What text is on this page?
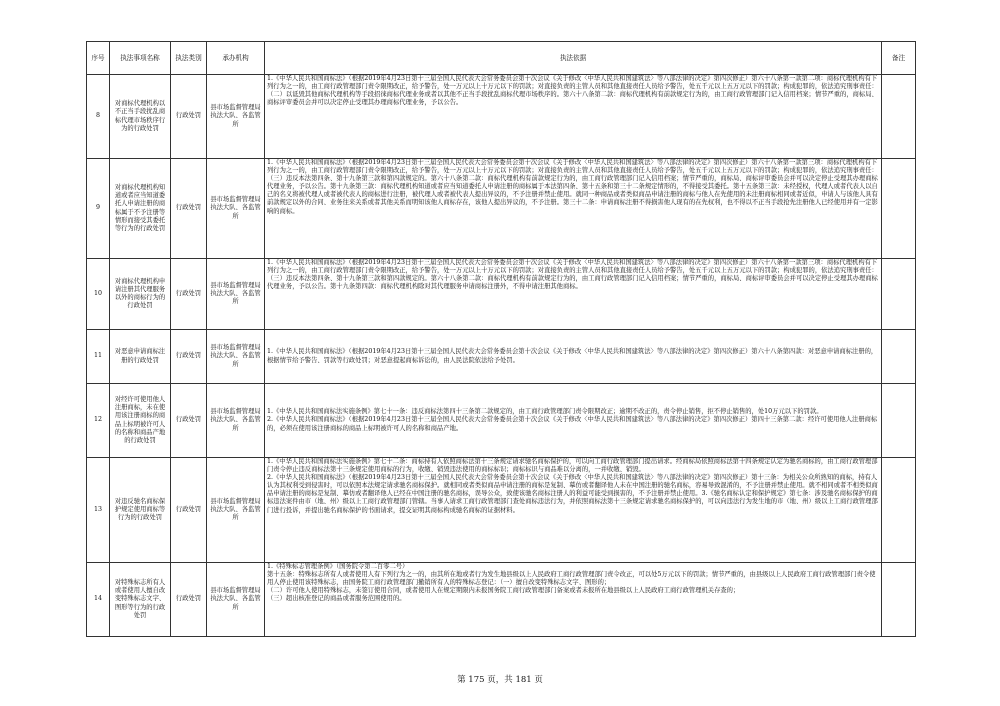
序号	执法事项名称	执法类别	承办机构	执法依据	备注
8	对商标代理机构以不正当手段扰乱商标代理市场秩序行为的行政处罚	行政处罚	县市场监督管理局执法大队、各监管所	1.《中华人民共和国商标法》（根据2019年4月23日第十三届全国人民代表大会常务委员会第十次会议《关于修改〈中华人民共和国建筑法〉等八部法律的决定》第四次修正）第六十八条第一款第二项：商标代理机构有下列行为之一的，由工商行政管理部门责令限期改正，给予警告，处一万元以上十万元以下的罚款；对直接负责的主管人员和其他直接责任人员给予警告，处五千元以上五万元以下的罚款；构成犯罪的，依法追究刑事责任：（二）以诋毁其他商标代理机构等手段招徕商标代理业务或者以其他不正当手段扰乱商标代理市场秩序的。第六十八条第二款：商标代理机构有前款规定行为的，由工商行政管理部门记入信用档案；情节严重的，商标局、商标评审委员会并可以决定停止受理其办理商标代理业务，予以公告。	

9	对商标代理机构知道或者应当知道委托人申请注册的商标属于不予注册等情形而接受其委托等行为的行政处罚	行政处罚	县市场监督管理局执法大队、各监管所	1.《中华人民共和国商标法》（根据2019年4月23日第十三届全国人民代表大会常务委员会第十次会议《关于修改〈中华人民共和国建筑法〉等八部法律的决定》第四次修正）第六十八条第一款第三项：商标代理机构有下列行为之一的，由工商行政管理部门责令限期改正，给予警告，处一万元以上十万元以下的罚款；对直接负责的主管人员和其他直接责任人员给予警告，处五千元以上五万元以下的罚款；构成犯罪的，依法追究刑事责任：（三）违反本法第四条、第十九条第三款和第四款规定的。第六十八条第二款：商标代理机构有前款规定行为的，由工商行政管理部门记入信用档案；情节严重的，商标局、商标评审委员会并可以决定停止受理其办理商标代理业务，予以公告。第十九条第三款：商标代理机构知道或者应当知道委托人申请注册的商标属于本法第四条、第十五条和第三十二条规定情形的，不得接受其委托。第十五条第三款：未经授权，代理人或者代表人以自己的名义将被代理人或者被代表人的商标进行注册，被代理人或者被代表人提出异议的，不予注册并禁止使用。就同一种商品或者类似商品申请注册的商标与他人在先使用的未注册商标相同或者近似，申请人与该他人具有前款规定以外的合同、业务往来关系或者其他关系而明知该他人商标存在，该他人提出异议的，不予注册。第三十二条：申请商标注册不得损害他人现有的在先权利，也不得以不正当手段抢先注册他人已经使用并有一定影响的商标。	

10	对商标代理机构申请注册其代理服务以外的商标行为的行政处罚	行政处罚	县市场监督管理局执法大队、各监管所	1.《中华人民共和国商标法》（根据2019年4月23日第十三届全国人民代表大会常务委员会第十次会议《关于修改〈中华人民共和国建筑法〉等八部法律的决定》第四次修正）第六十八条第一款第三项：商标代理机构有下列行为之一的，由工商行政管理部门责令限期改正，给予警告，处一万元以上十万元以下的罚款；对直接负责的主管人员和其他直接责任人员给予警告，处五千元以上五万元以下的罚款；构成犯罪的，依法追究刑事责任：（三）违反本法第四条、第十九条第三款和第四款规定的。第六十八条第二款：商标代理机构有前款规定行为的，由工商行政管理部门记入信用档案；情节严重的，商标局、商标评审委员会并可以决定停止受理其办理商标代理业务，予以公告。第十九条第四款：商标代理机构除对其代理服务申请商标注册外，不得申请注册其他商标。	

11	对恶意申请商标注册的行政处罚	行政处罚	县市场监督管理局执法大队、各监管所	1.《中华人民共和国商标法》（根据2019年4月23日第十三届全国人民代表大会常务委员会第十次会议《关于修改〈中华人民共和国建筑法〉等八部法律的决定》第四次修正）第六十八条第四款：对恶意申请商标注册的，根据情节给予警告、罚款等行政处罚；对恶意提起商标诉讼的，由人民法院依法给予处罚。	

12	对经许可使用他人注册商标，未在使用该注册商标的商品上标明被许可人的名称和商品产地的行政处罚	行政处罚	县市场监督管理局执法大队、各监管所	1.《中华人民共和国商标法实施条例》第七十一条：违反商标法第四十三条第二款规定的，由工商行政管理部门责令限期改正；逾期不改正的，责令停止销售，拒不停止销售的，处10万元以下的罚款。

2.《中华人民共和国商标法》（根据2019年4月23日第十三届全国人民代表大会常务委员会第十次会议《关于修改〈中华人民共和国建筑法〉等八部法律的决定》第四次修正）第四十三条第二款：经许可使用他人注册商标的，必须在使用该注册商标的商品上标明被许可人的名称和商品产地。	

13	对违反驰名商标保护规定使用商标等行为的行政处罚	行政处罚	县市场监督管理局执法大队、各监管所	1.《中华人民共和国商标法实施条例》第七十二条：商标持有人依照商标法第十三条规定请求驰名商标保护的，可以向工商行政管理部门提出请求。经商标局依照商标法第十四条规定认定为驰名商标的，由工商行政管理部门责令停止违反商标法第十三条规定使用商标的行为，收缴、销毁违法使用的商标标识；商标标识与商品难以分离的，一并收缴、销毁。

2.《中华人民共和国商标法》（根据2019年4月23日第十三届全国人民代表大会常务委员会第十次会议《关于修改〈中华人民共和国建筑法〉等八部法律的决定》第四次修正）第十三条：为相关公众所熟知的商标，持有人认为其权利受到侵害时，可以依照本法规定请求驰名商标保护。就相同或者类似商品申请注册的商标是复制、摹仿或者翻译他人未在中国注册的驰名商标，容易导致混淆的，不予注册并禁止使用。就不相同或者不相类似商品申请注册的商标是复制、摹仿或者翻译他人已经在中国注册的驰名商标，误导公众，致使该驰名商标注册人的利益可能受到损害的，不予注册并禁止使用。3.《驰名商标认定和保护规定》第七条：涉及驰名商标保护的商标违法案件由市（地、州）级以上工商行政管理部门管辖。当事人请求工商行政管理部门查处商标违法行为，并依照商标法第十三条规定请求驰名商标保护的，可以向违法行为发生地的市（地、州）级以上工商行政管理部门进行投诉，并提出驰名商标保护的书面请求，提交证明其商标构成驰名商标的证据材料。	

14	对特殊标志所有人或者使用人擅自改变特殊标志文字、图形等行为的行政处罚	行政处罚	县市场监督管理局执法大队、各监管所	1.《特殊标志管理条例》（国务院令第二百零二号）

第十五条：特殊标志所有人或者使用人有下列行为之一的，由其所在地或者行为发生地县级以上人民政府工商行政管理部门责令改正，可以处5万元以下的罚款；情节严重的，由县级以上人民政府工商行政管理部门责令使用人停止使用该特殊标志，由国务院工商行政管理部门撤销所有人的特殊标志登记：（一）擅自改变特殊标志文字、图形的；

（二）许可他人使用特殊标志，未签订使用合同，或者使用人在规定期限内未报国务院工商行政管理部门备案或者未报所在地县级以上人民政府工商行政管理机关存查的；

（三）超出核准登记的商品或者服务范围使用的。	

第 175 页，共 181 页
